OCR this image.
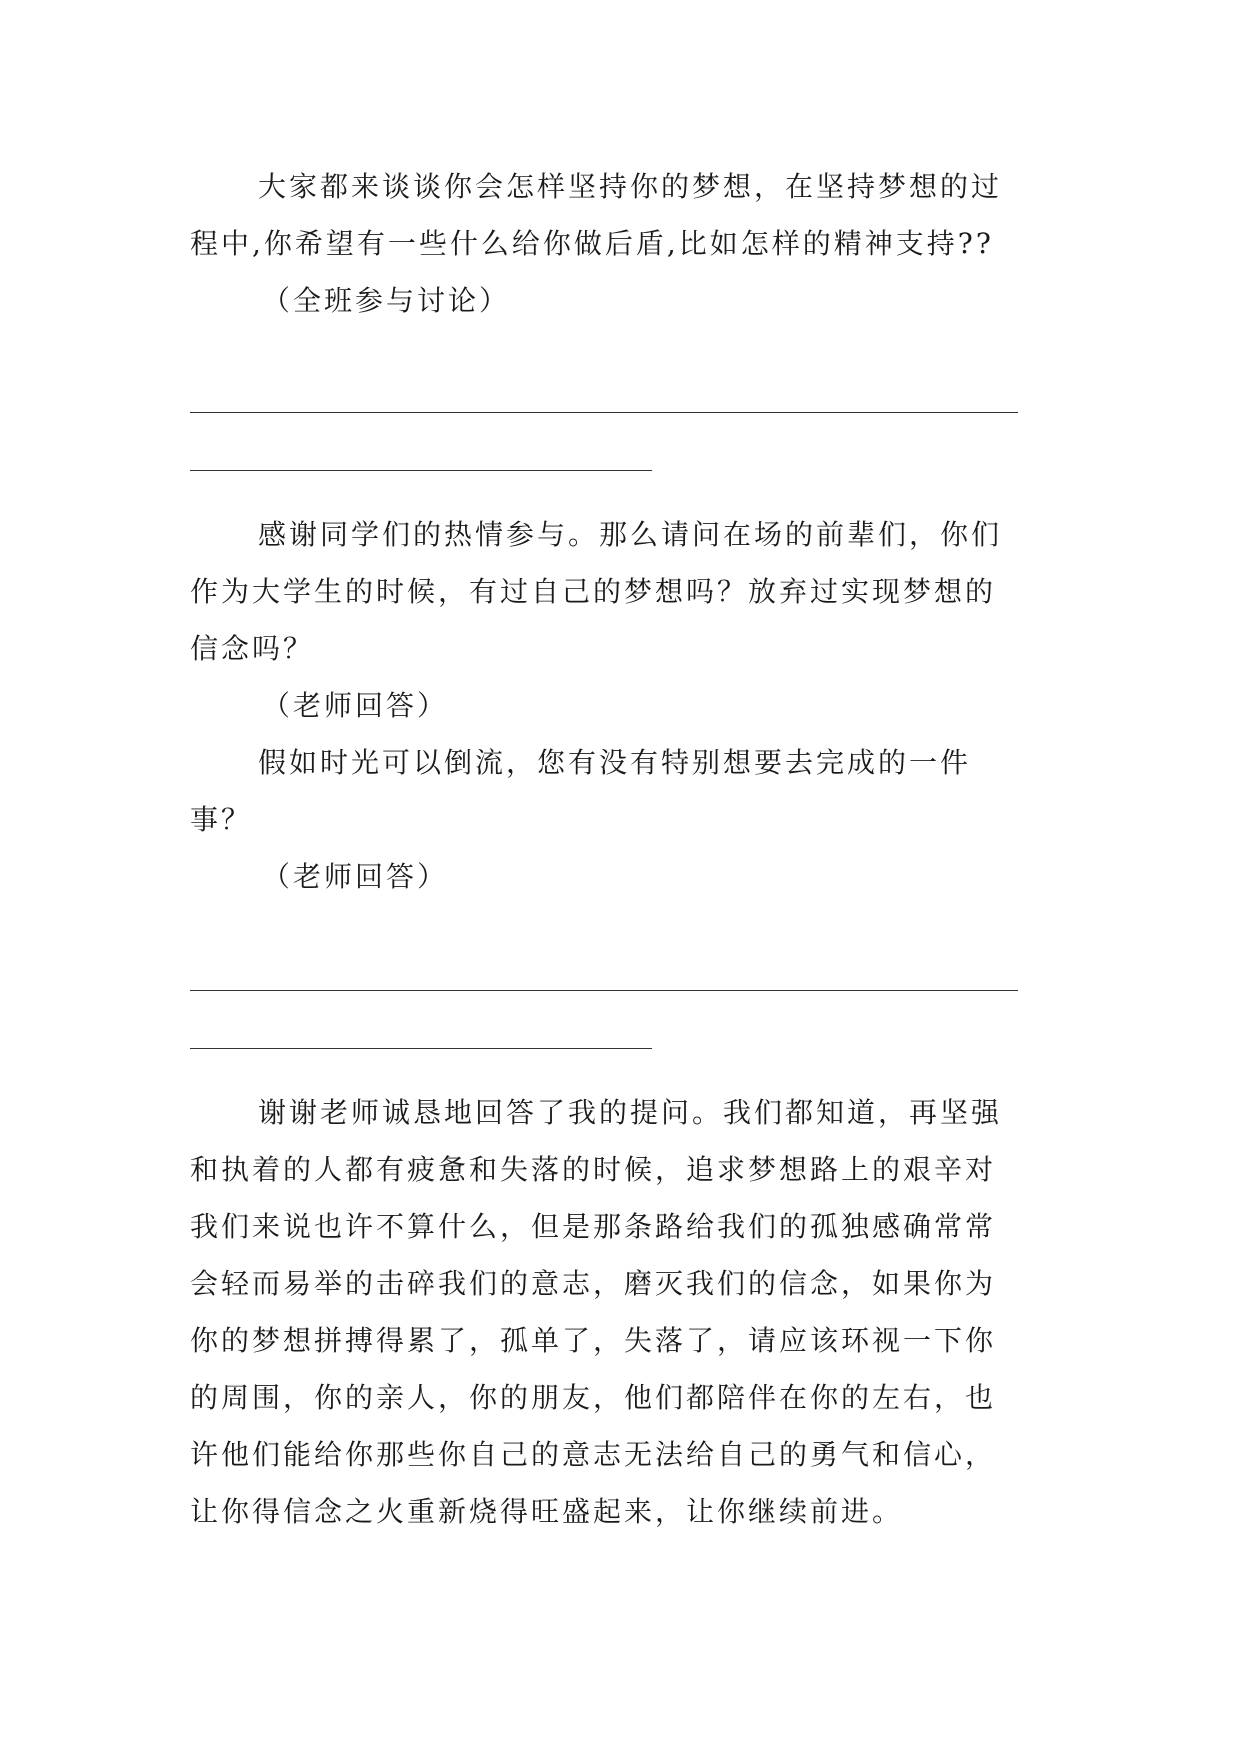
大家都来谈谈你会怎样坚持你的梦想，在坚持梦想的过
程中,你希望有一些什么给你做后盾,比如怎样的精神支持??
（全班参与讨论）
感谢同学们的热情参与。那么请问在场的前辈们，你们
作为大学生的时候，有过自己的梦想吗？放弃过实现梦想的
信念吗？
（老师回答）
假如时光可以倒流，您有没有特别想要去完成的一件
事？
（老师回答）
谢谢老师诚恳地回答了我的提问。我们都知道，再坚强
和执着的人都有疲惫和失落的时候，追求梦想路上的艰辛对
我们来说也许不算什么，但是那条路给我们的孤独感确常常
会轻而易举的击碎我们的意志，磨灭我们的信念，如果你为
你的梦想拼搏得累了，孤单了，失落了，请应该环视一下你
的周围，你的亲人，你的朋友，他们都陪伴在你的左右，也
许他们能给你那些你自己的意志无法给自己的勇气和信心，
让你得信念之火重新烧得旺盛起来，让你继续前进。
